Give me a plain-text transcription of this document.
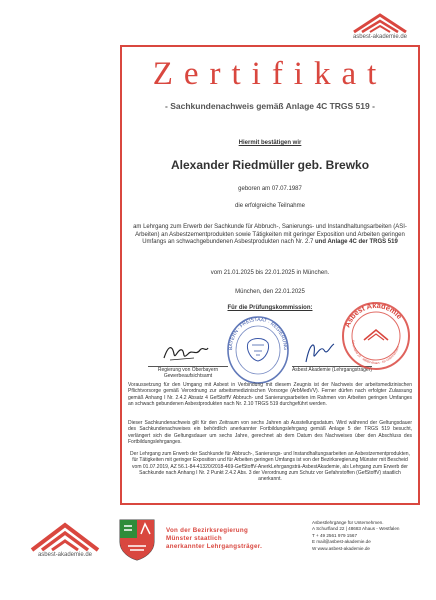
asbest-akademie.de
Zertifikat
- Sachkundenachweis gemäß Anlage 4C TRGS 519 -
Hiermit bestätigen wir
Alexander Riedmüller geb. Brewko
geboren am 07.07.1987
die erfolgreiche Teilnahme
am Lehrgang zum Erwerb der Sachkunde für Abbruch-, Sanierungs- und Instandhaltungsarbeiten (ASI-Arbeiten) an Asbestzementprodukten sowie Tätigkeiten mit geringer Exposition und Arbeiten geringen Umfangs an schwachgebundenen Asbestprodukten nach Nr. 2.7 und Anlage 4C der TRGS 519
vom 21.01.2025 bis 22.01.2025 in München.
München, den 22.01.2025
Für die Prüfungskommission:
Regierung von Oberbayern
Gewerbeaufsichtsamt
Asbest Akademie (Lehrgangsträger)
BAYERN · FREISTAAT · REGIERUNG
Asbest Akademie
Schurfland 22 · 48683 Ahaus · für Unternehmen
Voraussetzung für den Umgang mit Asbest in Verbindung mit diesem Zeugnis ist der Nachweis der arbeitsmedizinischen Pflichtvorsorge gemäß Verordnung zur arbeitsmedizinischen Vorsorge (ArbMedVV). Ferner dürfen nach erfolgter Zulassung gemäß Anhang I Nr. 2.4.2 Absatz 4 GefStoffV Abbruch- und Sanierungsarbeiten im Rahmen von Arbeiten geringen Umfanges an schwach gebundenen Asbestprodukten nach Nr. 2.10 TRGS 519 durchgeführt werden.
Dieser Sachkundenachweis gilt für den Zeitraum von sechs Jahren ab Ausstellungsdatum. Wird während der Geltungsdauer des Sachkundenachweises ein behördlich anerkannter Fortbildungslehrgang gemäß Anlage 5 der TRGS 519 besucht, verlängert sich die Geltungsdauer um sechs Jahre, gerechnet ab dem Datum des Nachweises über den Abschluss des Fortbildungslehrganges.
Der Lehrgang zum Erwerb der Sachkunde für Abbruch-, Sanierungs- und Instandhaltungsarbeiten an Asbestzementprodukten, für Tätigkeiten mit geringer Exposition und für Arbeiten geringen Umfangs ist von der Bezirksregierung Münster mit Bescheid vom 01.07.2019, AZ 56.1-84-41320/2018-469-GefStoffV-AnerkLehrgangsträ-AsbestAkademie, als Lehrgang zum Erwerb der Sachkunde nach Anhang I Nr. 2 Punkt 2.4.2 Abs. 3 der Verordnung zum Schutz vor Gefahrstoffen (GefStoffV) staatlich anerkannt.
asbest-akademie.de
Von der Bezirksregierung
Münster staatlich
anerkannter Lehrgangsträger.
Asbestlehrgänge für Unternehmen.
A Schurfland 22 | 48683 Ahaus - Westfalen
T + 49 2561 979 1567
E mail@asbest-akademie.de
W www.asbest-akademie.de
